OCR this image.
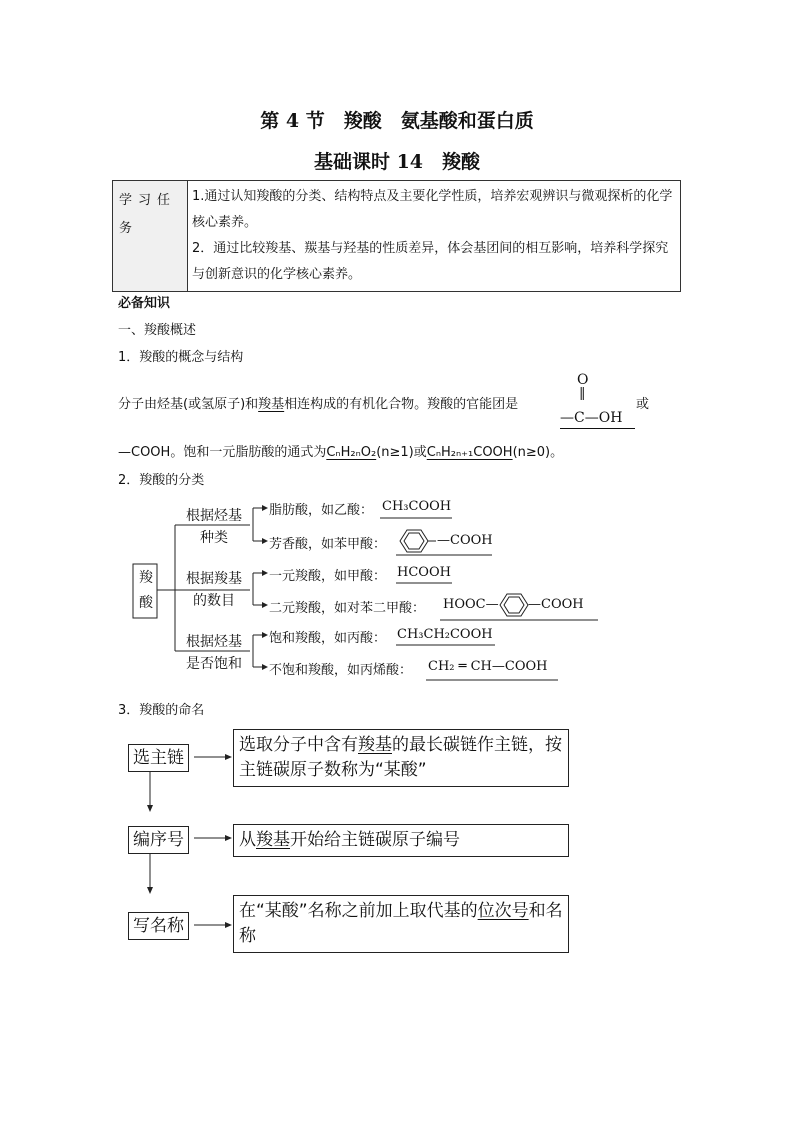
第 4 节　羧酸　氨基酸和蛋白质
基础课时 14　羧酸
学习任务	
1.通过认知羧酸的分类、结构特点及主要化学性质，培养宏观辨识与微观探析的化学核心素养。
2．通过比较羧基、羰基与羟基的性质差异，体会基团间的相互影响，培养科学探究与创新意识的化学核心素养。
必备知识
一、羧酸概述
1．羧酸的概念与结构
分子由烃基(或氢原子)和羧基相连构成的有机化合物。羧酸的官能团是
O
‖
—C—OH
或
—COOH。饱和一元脂肪酸的通式为CₙH₂ₙO₂(n≥1)或CₙH₂ₙ₊₁COOH(n≥0)。
2．羧酸的分类
羧
酸
根据烃基
种类
根据羧基
的数目
根据烃基
是否饱和
脂肪酸，如乙酸： CH₃COOH
芳香酸，如苯甲酸：	—COOH
一元羧酸，如甲酸： HCOOH
二元羧酸，如对苯二甲酸： HOOC— —COOH
饱和羧酸，如丙酸： CH₃CH₂COOH
不饱和羧酸，如丙烯酸： CH₂ ═ CH—COOH
3．羧酸的命名
选主链
选取分子中含有羧基的最长碳链作主链，按主链碳原子数称为“某酸”
编序号	从羧基开始给主链碳原子编号
写名称
在“某酸”名称之前加上取代基的位次号和名称
